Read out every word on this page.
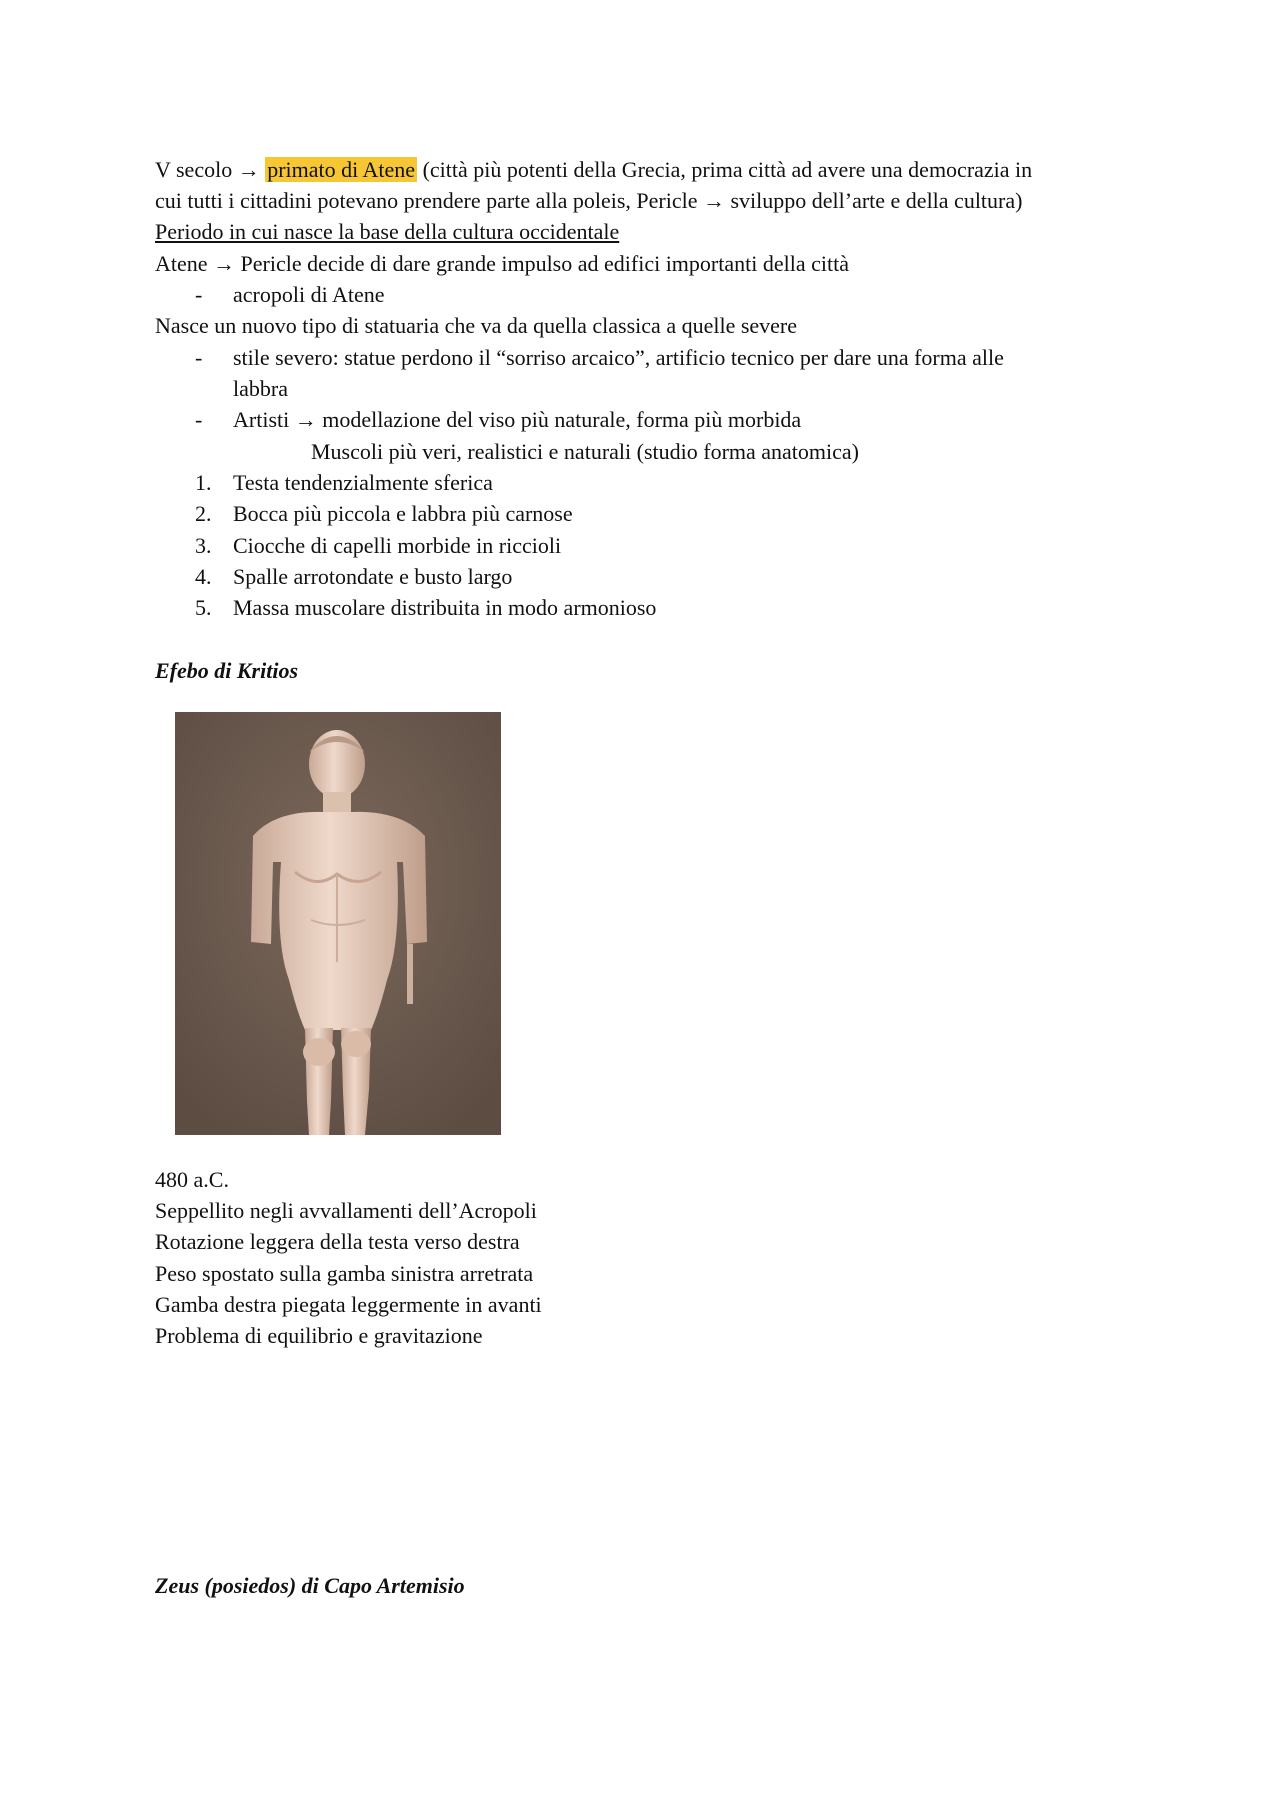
V secolo → primato di Atene (città più potenti della Grecia, prima città ad avere una democrazia in
cui tutti i cittadini potevano prendere parte alla poleis, Pericle → sviluppo dell’arte e della cultura)
Periodo in cui nasce la base della cultura occidentale
Atene → Pericle decide di dare grande impulso ad edifici importanti della città
- acropoli di Atene
Nasce un nuovo tipo di statuaria che va da quella classica a quelle severe
- stile severo: statue perdono il “sorriso arcaico”, artificio tecnico per dare una forma alle
labbra
- Artisti → modellazione del viso più naturale, forma più morbida
Muscoli più veri, realistici e naturali (studio forma anatomica)
1. Testa tendenzialmente sferica
2. Bocca più piccola e labbra più carnose
3. Ciocche di capelli morbide in riccioli
4. Spalle arrotondate e busto largo
5. Massa muscolare distribuita in modo armonioso
Efebo di Kritios
480 a.C.
Seppellito negli avvallamenti dell’Acropoli
Rotazione leggera della testa verso destra
Peso spostato sulla gamba sinistra arretrata
Gamba destra piegata leggermente in avanti
Problema di equilibrio e gravitazione
Zeus (posiedos) di Capo Artemisio
